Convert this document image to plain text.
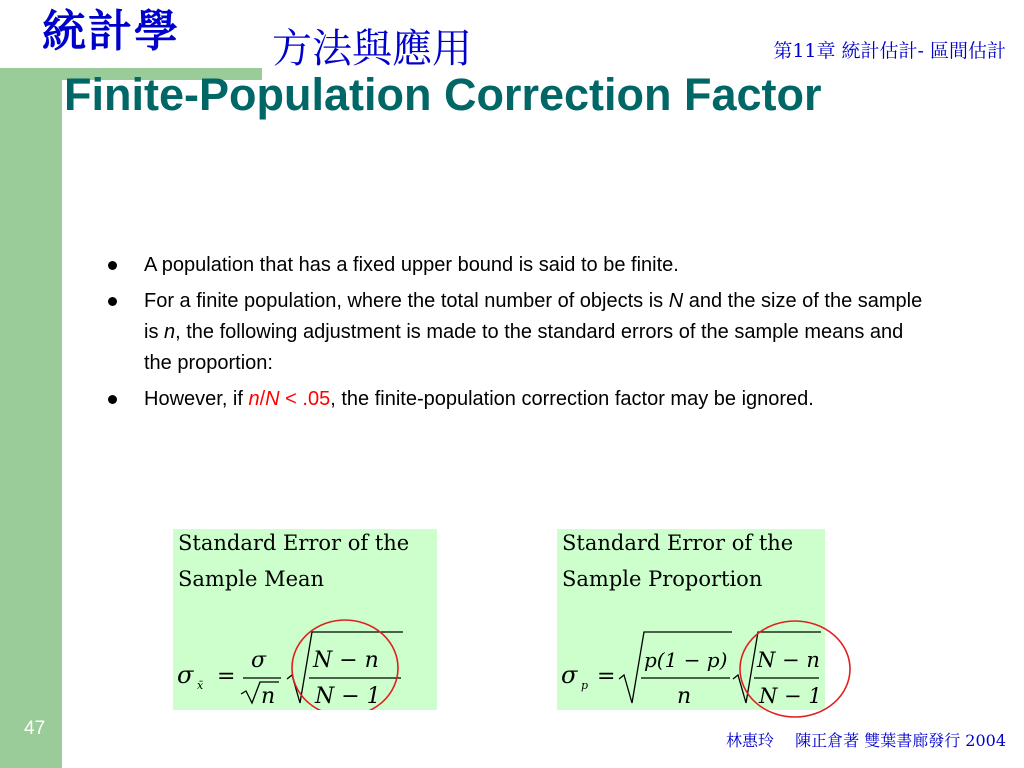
統計學 方法與應用	第11章 統計估計- 區間估計
Finite-Population Correction Factor
A population that has a fixed upper bound is said to be finite.
For a finite population, where the total number of objects is N and the size of the sample is n, the following adjustment is made to the standard errors of the sample means and the proportion:
However, if n/N < .05, the finite-population correction factor may be ignored.
Standard Error of the
Sample Mean
σ x̄ =
σ
n
N − n
N − 1
Standard Error of the
Sample Proportion
σ p =
p(1 − p)
n
N − n
N − 1
47
林惠玲　 陳正倉著 雙葉書廊發行 2004
